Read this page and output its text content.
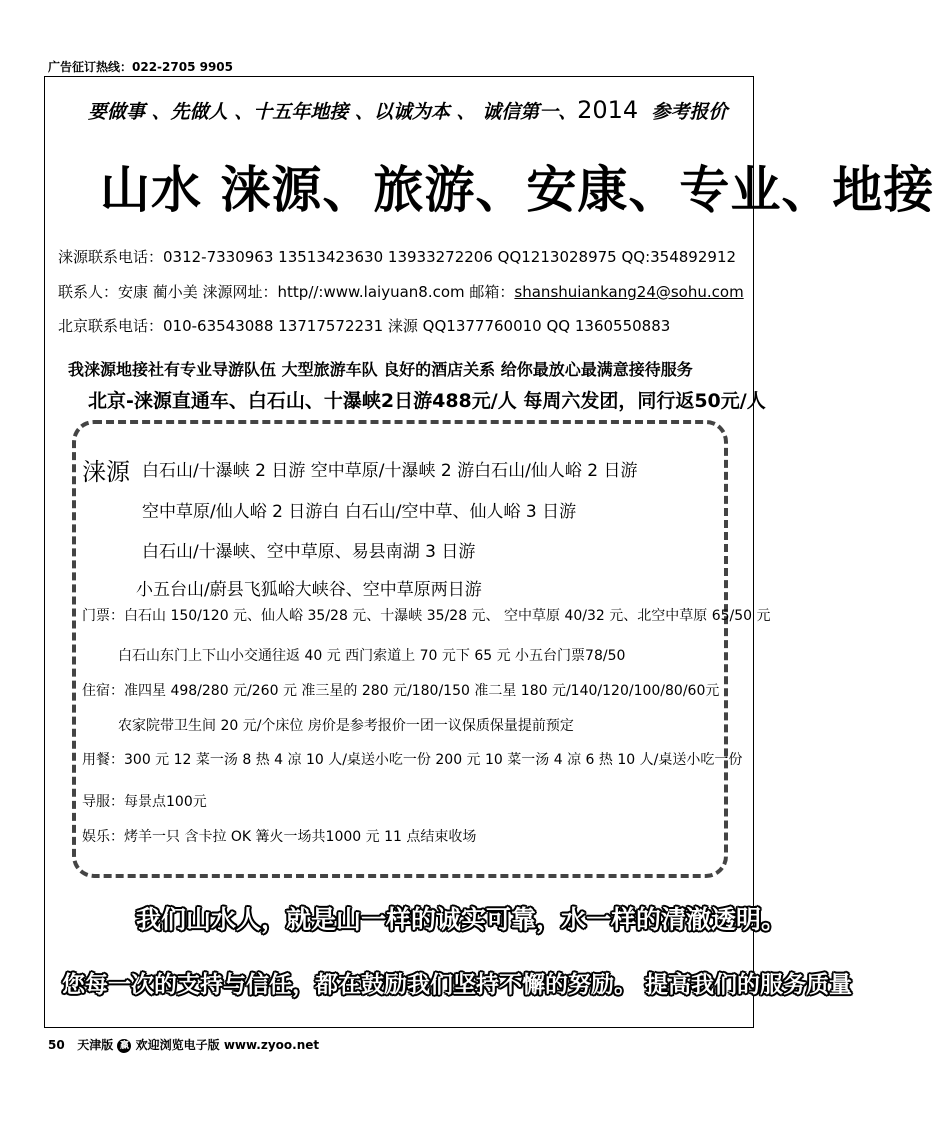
广告征订热线：022-2705 9905
要做事 、先做人 、十五年地接 、以诚为本 、 诚信第一、2014 参考报价
山水 涞源、旅游、安康、专业、地接
涞源联系电话：0312-7330963 13513423630 13933272206 QQ1213028975 QQ:354892912
联系人：安康 蔺小美 涞源网址：http//:www.laiyuan8.com 邮箱：shanshuiankang24@sohu.com
北京联系电话：010-63543088 13717572231 涞源 QQ1377760010 QQ 1360550883
我涞源地接社有专业导游队伍 大型旅游车队 良好的酒店关系 给你最放心最满意接待服务
北京-涞源直通车、白石山、十瀑峡2日游488元/人 每周六发团，同行返50元/人
涞源 白石山/十瀑峡 2 日游 空中草原/十瀑峡 2 游白石山/仙人峪 2 日游
空中草原/仙人峪 2 日游白 白石山/空中草、仙人峪 3 日游
白石山/十瀑峡、空中草原、易县南湖 3 日游
小五台山/蔚县飞狐峪大峡谷、空中草原两日游
门票：白石山 150/120 元、仙人峪 35/28 元、十瀑峡 35/28 元、 空中草原 40/32 元、北空中草原 65/50 元
白石山东门上下山小交通往返 40 元 西门索道上 70 元下 65 元 小五台门票78/50
住宿：准四星 498/280 元/260 元 准三星的 280 元/180/150 准二星 180 元/140/120/100/80/60元
农家院带卫生间 20 元/个床位 房价是参考报价一团一议保质保量提前预定
用餐：300 元 12 菜一汤 8 热 4 凉 10 人/桌送小吃一份 200 元 10 菜一汤 4 凉 6 热 10 人/桌送小吃一份
导服：每景点100元
娱乐：烤羊一只 含卡拉 OK 篝火一场共1000 元 11 点结束收场
我们山水人，就是山一样的诚实可靠，水一样的清澈透明。
您每一次的支持与信任，都在鼓励我们坚持不懈的努励。 提高我们的服务质量
50 天津版 赢 欢迎浏览电子版 www.zyoo.net
